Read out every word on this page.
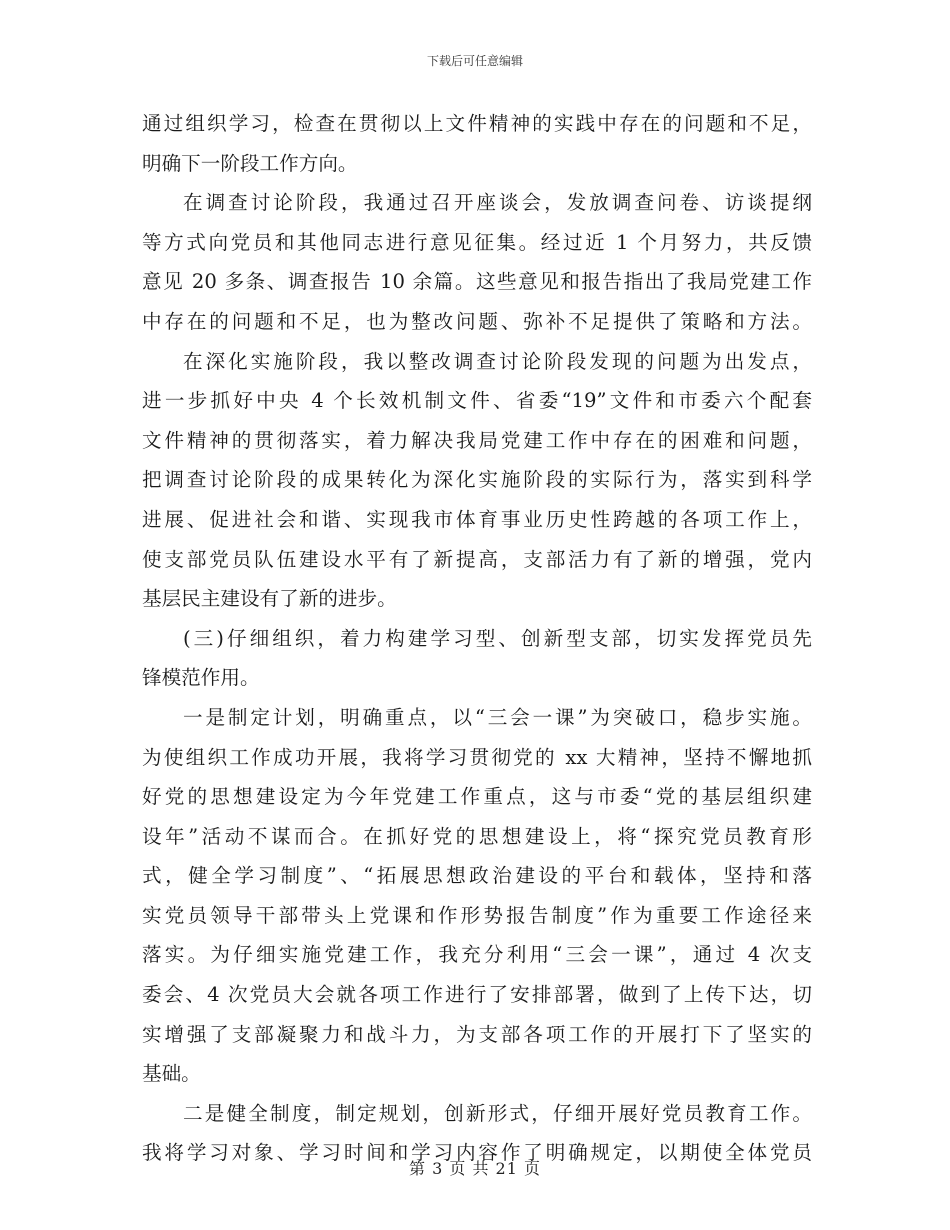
下载后可任意编辑
通过组织学习，检查在贯彻以上文件精神的实践中存在的问题和不足，
明确下一阶段工作方向。
在调查讨论阶段，我通过召开座谈会，发放调查问卷、访谈提纲
等方式向党员和其他同志进行意见征集。经过近 1 个月努力，共反馈
意见 20 多条、调查报告 10 余篇。这些意见和报告指出了我局党建工作
中存在的问题和不足，也为整改问题、弥补不足提供了策略和方法。
在深化实施阶段，我以整改调查讨论阶段发现的问题为出发点，
进一步抓好中央 4 个长效机制文件、省委“19”文件和市委六个配套
文件精神的贯彻落实，着力解决我局党建工作中存在的困难和问题，
把调查讨论阶段的成果转化为深化实施阶段的实际行为，落实到科学
进展、促进社会和谐、实现我市体育事业历史性跨越的各项工作上，
使支部党员队伍建设水平有了新提高，支部活力有了新的增强，党内
基层民主建设有了新的进步。
(三)仔细组织，着力构建学习型、创新型支部，切实发挥党员先
锋模范作用。
一是制定计划，明确重点，以“三会一课”为突破口，稳步实施。
为使组织工作成功开展，我将学习贯彻党的 xx 大精神，坚持不懈地抓
好党的思想建设定为今年党建工作重点，这与市委“党的基层组织建
设年”活动不谋而合。在抓好党的思想建设上，将“探究党员教育形
式，健全学习制度”、“拓展思想政治建设的平台和载体，坚持和落
实党员领导干部带头上党课和作形势报告制度”作为重要工作途径来
落实。为仔细实施党建工作，我充分利用“三会一课”，通过 4 次支
委会、4 次党员大会就各项工作进行了安排部署，做到了上传下达，切
实增强了支部凝聚力和战斗力，为支部各项工作的开展打下了坚实的
基础。
二是健全制度，制定规划，创新形式，仔细开展好党员教育工作。
我将学习对象、学习时间和学习内容作了明确规定，以期使全体党员
第 3 页 共 21 页
